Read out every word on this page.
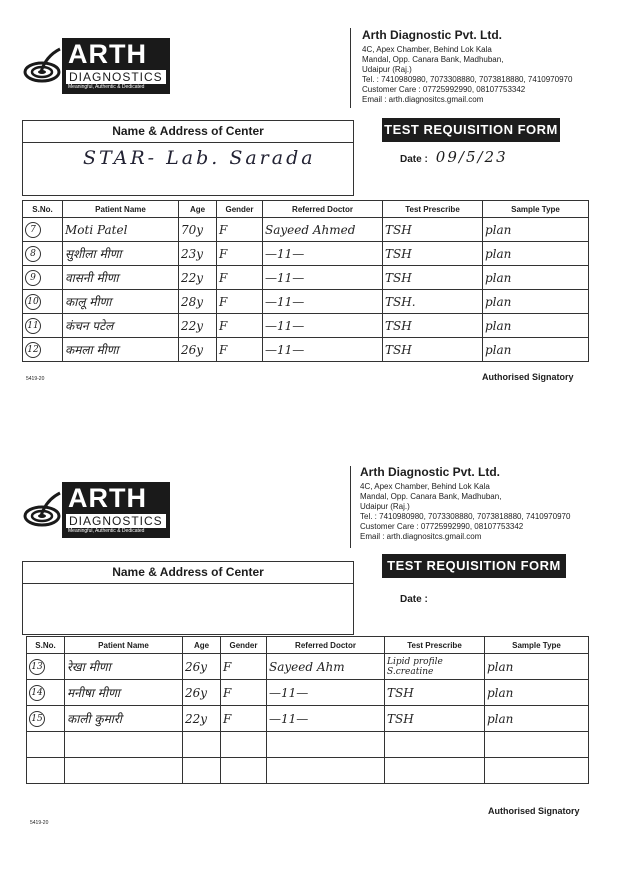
ARTH
DIAGNOSTICS
Meaningful, Authentic & Dedicated
Arth Diagnostic Pvt. Ltd.
4C, Apex Chamber, Behind Lok Kala
Mandal, Opp. Canara Bank, Madhuban,
Udaipur (Raj.)
Tel. : 7410980980, 7073308880, 7073818880, 7410970970
Customer Care : 07725992990, 08107753342
Email : arth.diagnositcs.gmail.com
Name & Address of Center
STAR- Lab. Sarada
TEST REQUISITION FORM
Date : 09/5/23
S.No.	Patient Name	Age	Gender	Referred Doctor	Test Prescribe	Sample Type
7	Moti Patel	70y	F	Sayeed Ahmed	TSH	plan
8	सुशीला मीणा	23y	F	—11—	TSH	plan
9	वासनी मीणा	22y	F	—11—	TSH	plan
10	कालू मीणा	28y	F	—11—	TSH.	plan
11	कंचन पटेल	22y	F	—11—	TSH	plan
12	कमला मीणा	26y	F	—11—	TSH	plan
Authorised Signatory
5419-20
ARTH
DIAGNOSTICS
Meaningful, Authentic & Dedicated
Arth Diagnostic Pvt. Ltd.
4C, Apex Chamber, Behind Lok Kala
Mandal, Opp. Canara Bank, Madhuban,
Udaipur (Raj.)
Tel. : 7410980980, 7073308880, 7073818880, 7410970970
Customer Care : 07725992990, 08107753342
Email : arth.diagnositcs.gmail.com
Name & Address of Center	TEST REQUISITION FORM
Date :
S.No.	Patient Name	Age	Gender	Referred Doctor	Test Prescribe	Sample Type
13	रेखा मीणा	26y	F	Sayeed Ahm	Lipid profile S.creatine	plan
14	मनीषा मीणा	26y	F	—11—	TSH	plan
15	काली कुमारी	22y	F	—11—	TSH	plan

Authorised Signatory
5419-20
